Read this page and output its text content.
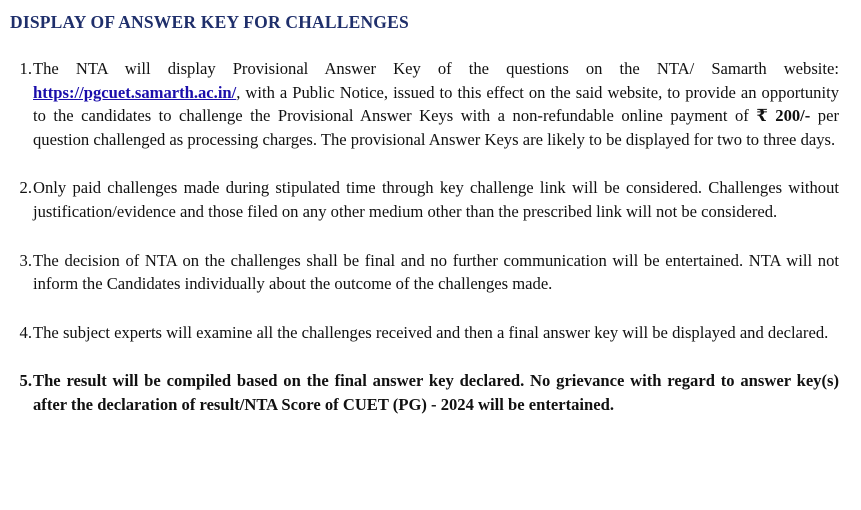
DISPLAY OF ANSWER KEY FOR CHALLENGES
1. The NTA will display Provisional Answer Key of the questions on the NTA/ Samarth website: https://pgcuet.samarth.ac.in/, with a Public Notice, issued to this effect on the said website, to provide an opportunity to the candidates to challenge the Provisional Answer Keys with a non-refundable online payment of ₹ 200/- per question challenged as processing charges. The provisional Answer Keys are likely to be displayed for two to three days.
2. Only paid challenges made during stipulated time through key challenge link will be considered. Challenges without justification/evidence and those filed on any other medium other than the prescribed link will not be considered.
3. The decision of NTA on the challenges shall be final and no further communication will be entertained. NTA will not inform the Candidates individually about the outcome of the challenges made.
4. The subject experts will examine all the challenges received and then a final answer key will be displayed and declared.
5. The result will be compiled based on the final answer key declared. No grievance with regard to answer key(s) after the declaration of result/NTA Score of CUET (PG) - 2024 will be entertained.
